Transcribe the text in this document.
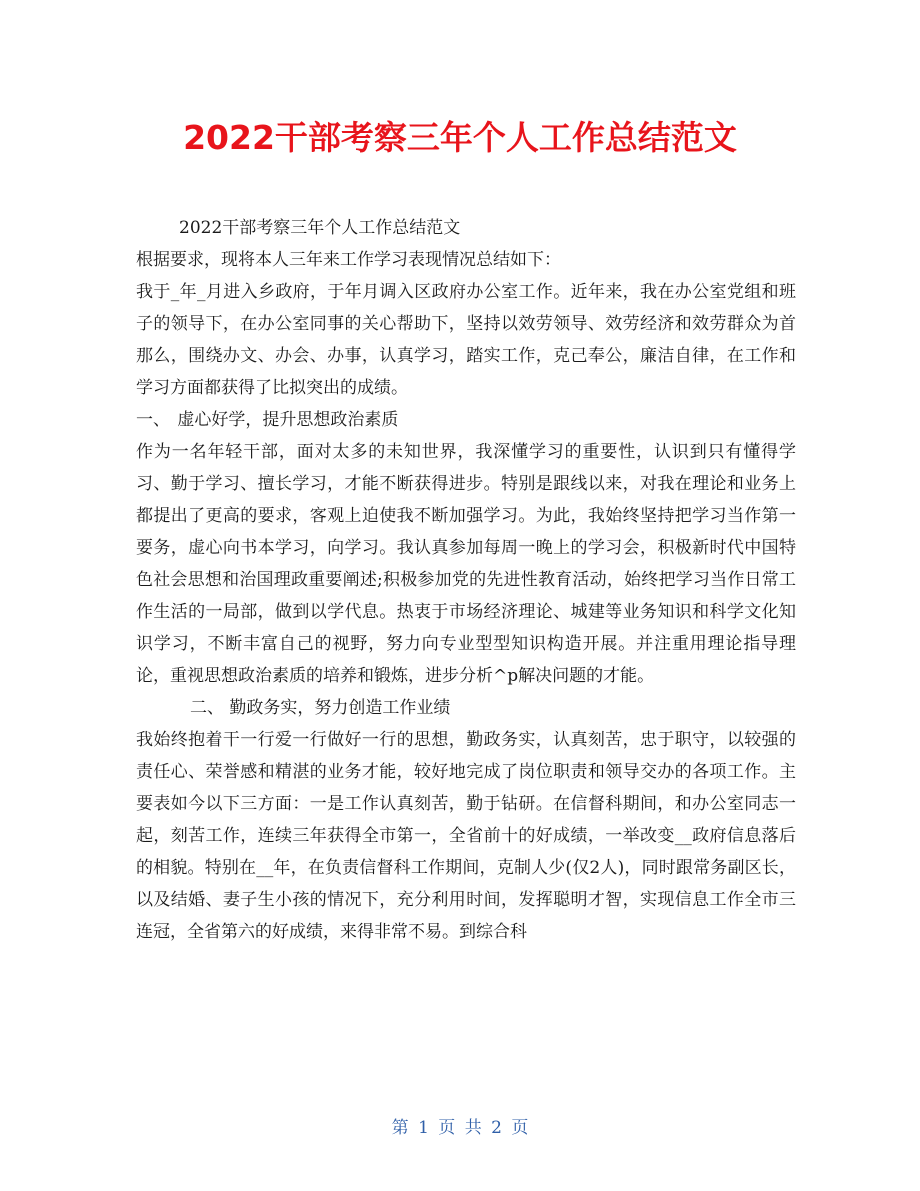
2022干部考察三年个人工作总结范文

2022干部考察三年个人工作总结范文

根据要求，现将本人三年来工作学习表现情况总结如下：

我于_年_月进入乡政府，于年月调入区政府办公室工作。近年来，我在办公室党组和班子的领导下，在办公室同事的关心帮助下，坚持以效劳领导、效劳经济和效劳群众为首那么，围绕办文、办会、办事，认真学习，踏实工作，克己奉公，廉洁自律，在工作和学习方面都获得了比拟突出的成绩。

一、 虚心好学，提升思想政治素质

作为一名年轻干部，面对太多的未知世界，我深懂学习的重要性，认识到只有懂得学习、勤于学习、擅长学习，才能不断获得进步。特别是跟线以来，对我在理论和业务上都提出了更高的要求，客观上迫使我不断加强学习。为此，我始终坚持把学习当作第一要务，虚心向书本学习，向学习。我认真参加每周一晚上的学习会，积极新时代中国特色社会思想和治国理政重要阐述;积极参加党的先进性教育活动，始终把学习当作日常工作生活的一局部，做到以学代息。热衷于市场经济理论、城建等业务知识和科学文化知识学习，不断丰富自己的视野，努力向专业型型知识构造开展。并注重用理论指导理论，重视思想政治素质的培养和锻炼，进步分析^p解决问题的才能。

二、 勤政务实，努力创造工作业绩

我始终抱着干一行爱一行做好一行的思想，勤政务实，认真刻苦，忠于职守，以较强的责任心、荣誉感和精湛的业务才能，较好地完成了岗位职责和领导交办的各项工作。主要表如今以下三方面：一是工作认真刻苦，勤于钻研。在信督科期间，和办公室同志一起，刻苦工作，连续三年获得全市第一，全省前十的好成绩，一举改变__政府信息落后的相貌。特别在__年，在负责信督科工作期间，克制人少(仅2人)，同时跟常务副区长，以及结婚、妻子生小孩的情况下，充分利用时间，发挥聪明才智，实现信息工作全市三连冠，全省第六的好成绩，来得非常不易。到综合科

第 1 页 共 2 页
